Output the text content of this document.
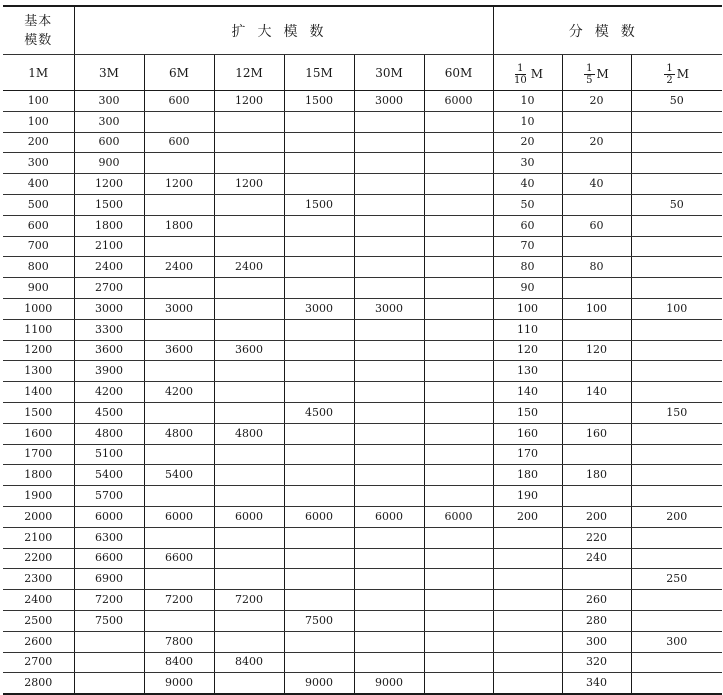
基本
模数	扩大模数						分模数		
1M	3M	6M	12M	15M	30M	60M	$\frac{1}{10}$ M	$\frac{1}{5}$ M	$\frac{1}{2}$ M

100	300	600	1200	1500	3000	6000	10	20	50
100	300						10		
200	600	600					20	20	
300	900						30		
400	1200	1200	1200				40	40	
500	1500			1500			50		50
600	1800	1800					60	60	
700	2100						70		
800	2400	2400	2400				80	80	
900	2700						90		
1000	3000	3000		3000	3000		100	100	100
1100	3300						110		
1200	3600	3600	3600				120	120	
1300	3900						130		
1400	4200	4200					140	140	
1500	4500			4500			150		150
1600	4800	4800	4800				160	160	
1700	5100						170		
1800	5400	5400					180	180	
1900	5700						190		
2000	6000	6000	6000	6000	6000	6000	200	200	200
2100	6300							220	
2200	6600	6600						240	
2300	6900								250
2400	7200	7200	7200					260	
2500	7500			7500				280	
2600		7800						300	300
2700		8400	8400					320	
2800		9000		9000	9000			340	
